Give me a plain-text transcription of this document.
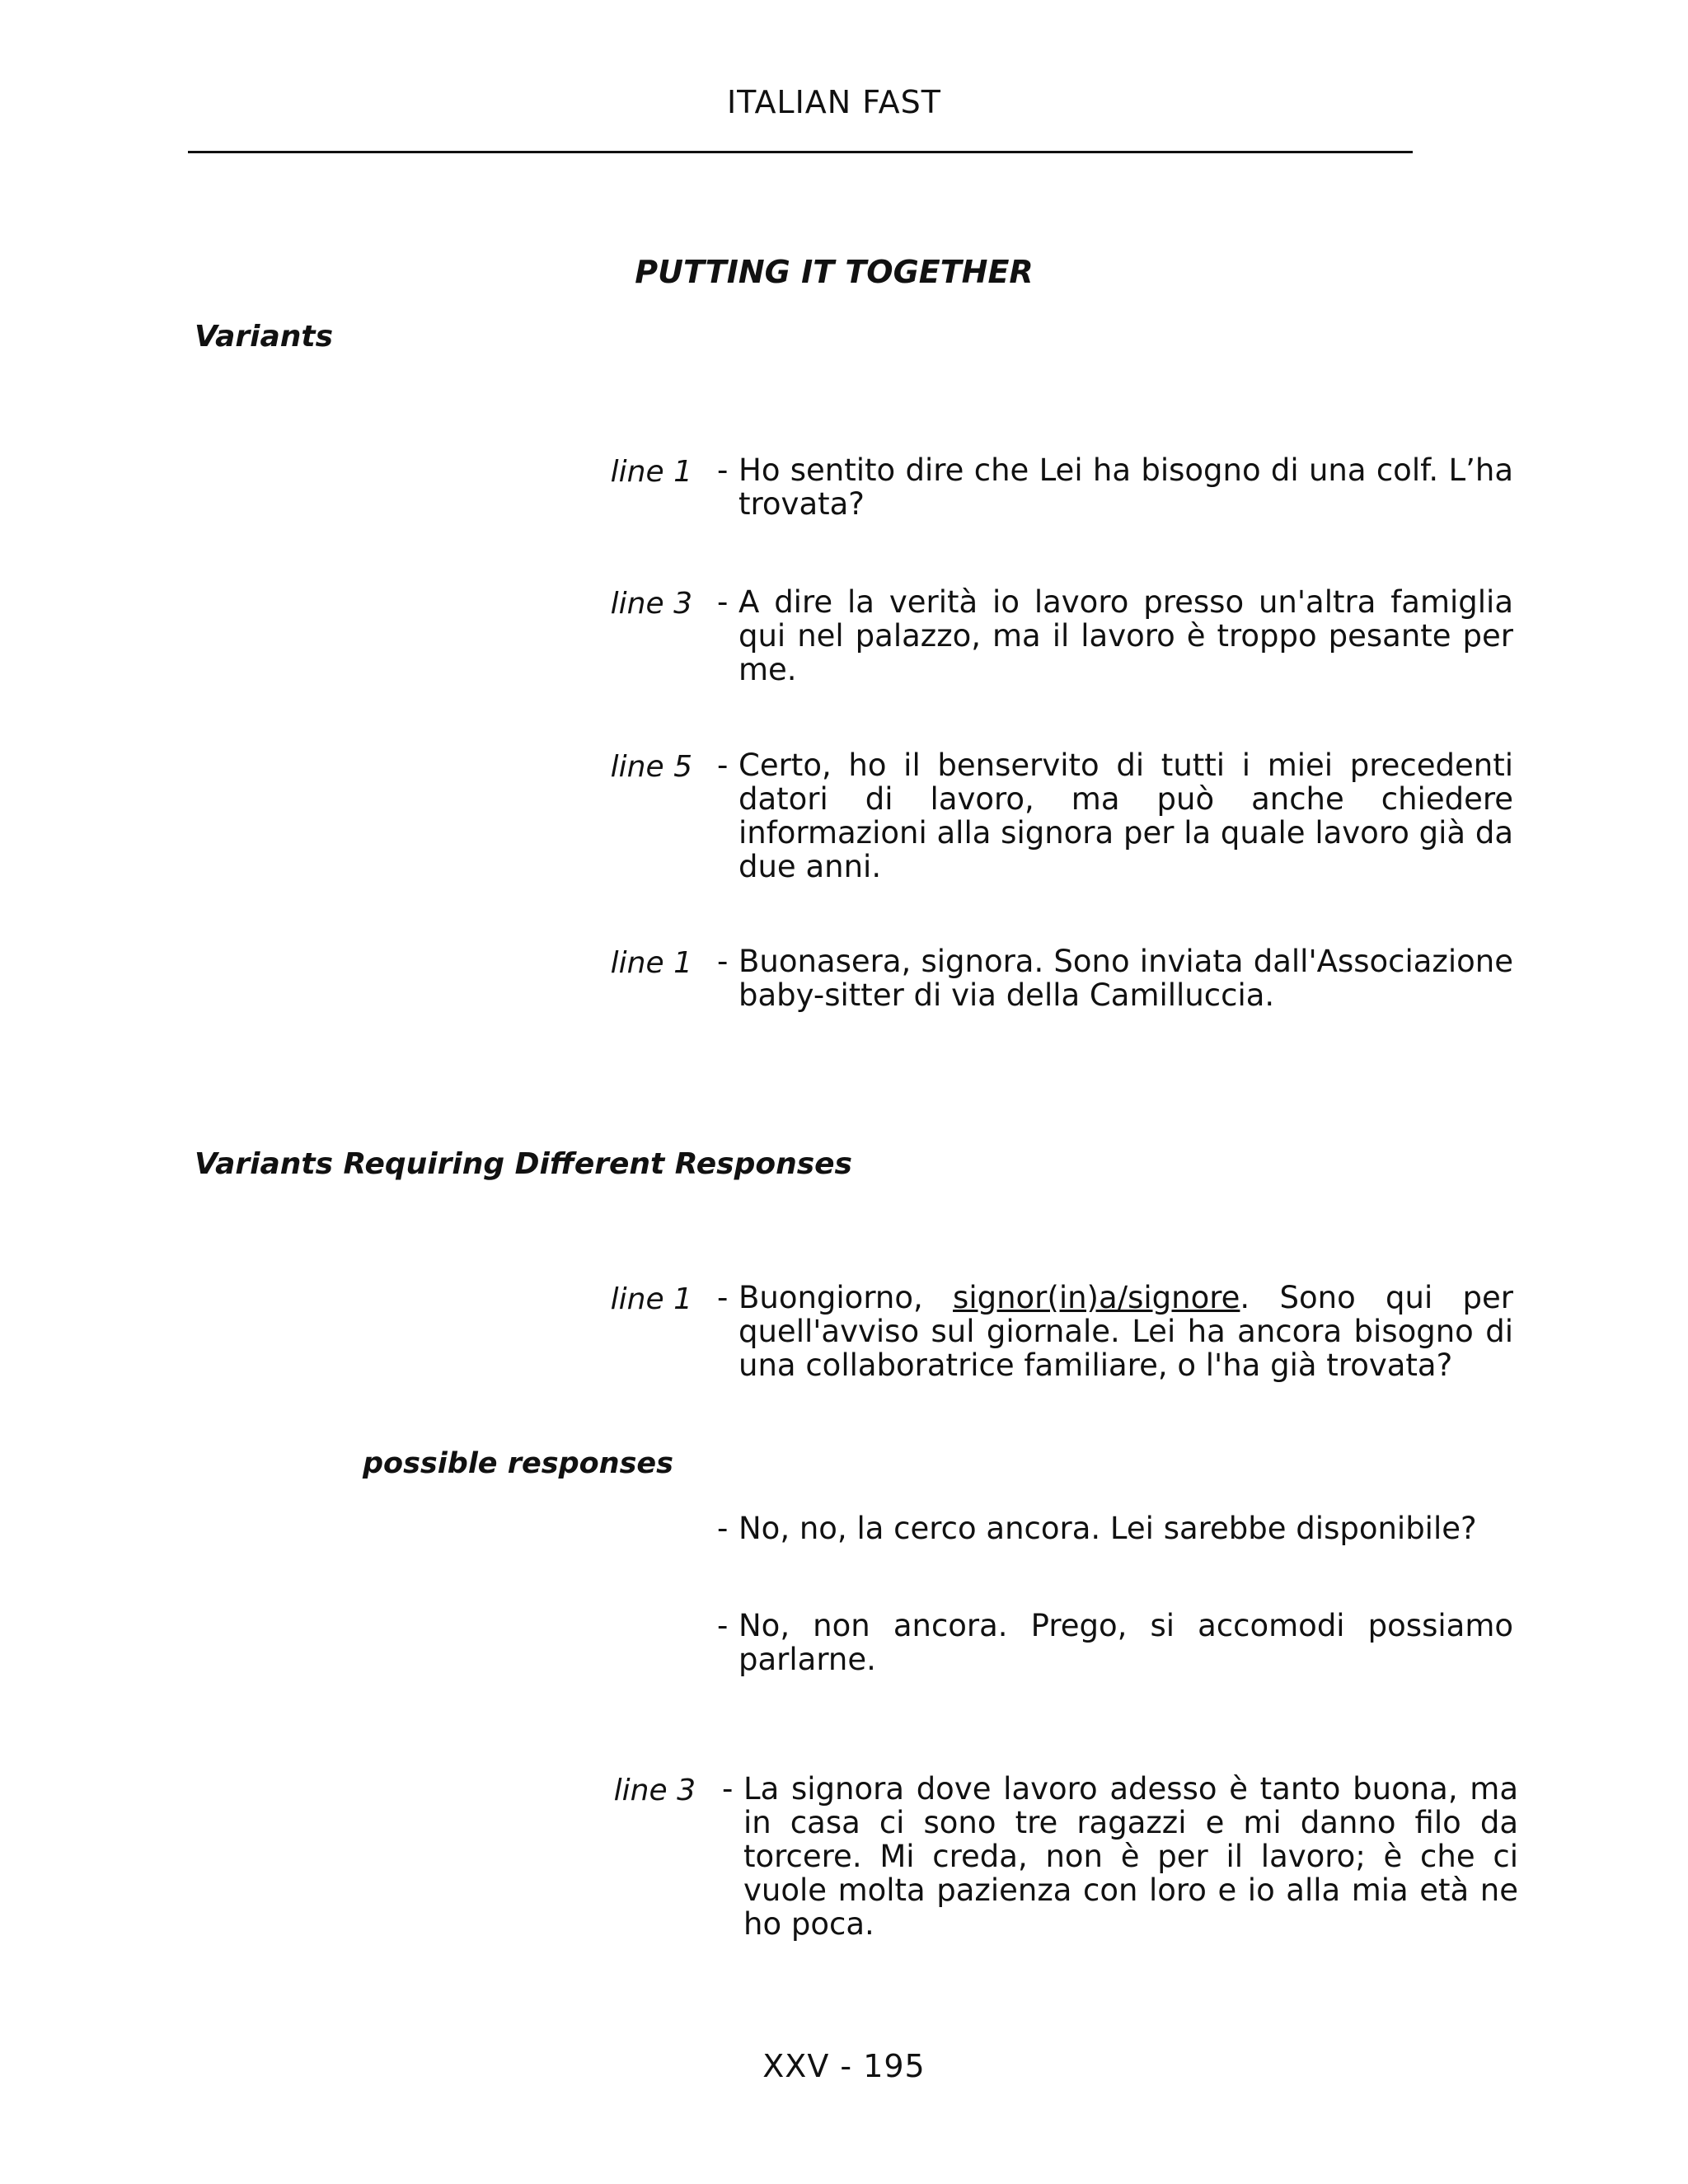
ITALIAN FAST
PUTTING IT TOGETHER
Variants
line 1 - Ho sentito dire che Lei ha bisogno di una colf. L’ha trovata?
line 3 - A dire la verità io lavoro presso un'altra famiglia qui nel palazzo, ma il lavoro è troppo pesante per me.
line 5 - Certo, ho il benservito di tutti i miei precedenti datori di lavoro, ma può anche chiedere informazioni alla signora per la quale lavoro già da due anni.
line 1 - Buonasera, signora. Sono inviata dall'Associazione baby-sitter di via della Camilluccia.
Variants Requiring Different Responses
line 1 - Buongiorno, signor(in)a/signore. Sono qui per quell'avviso sul giornale. Lei ha ancora bisogno di una collaboratrice familiare, o l'ha già trovata?
possible responses
- No, no, la cerco ancora. Lei sarebbe disponibile?
- No, non ancora. Prego, si accomodi possiamo parlarne.
line 3 - La signora dove lavoro adesso è tanto buona, ma in casa ci sono tre ragazzi e mi danno filo da torcere. Mi creda, non è per il lavoro; è che ci vuole molta pazienza con loro e io alla mia età ne ho poca.
XXV - 195
